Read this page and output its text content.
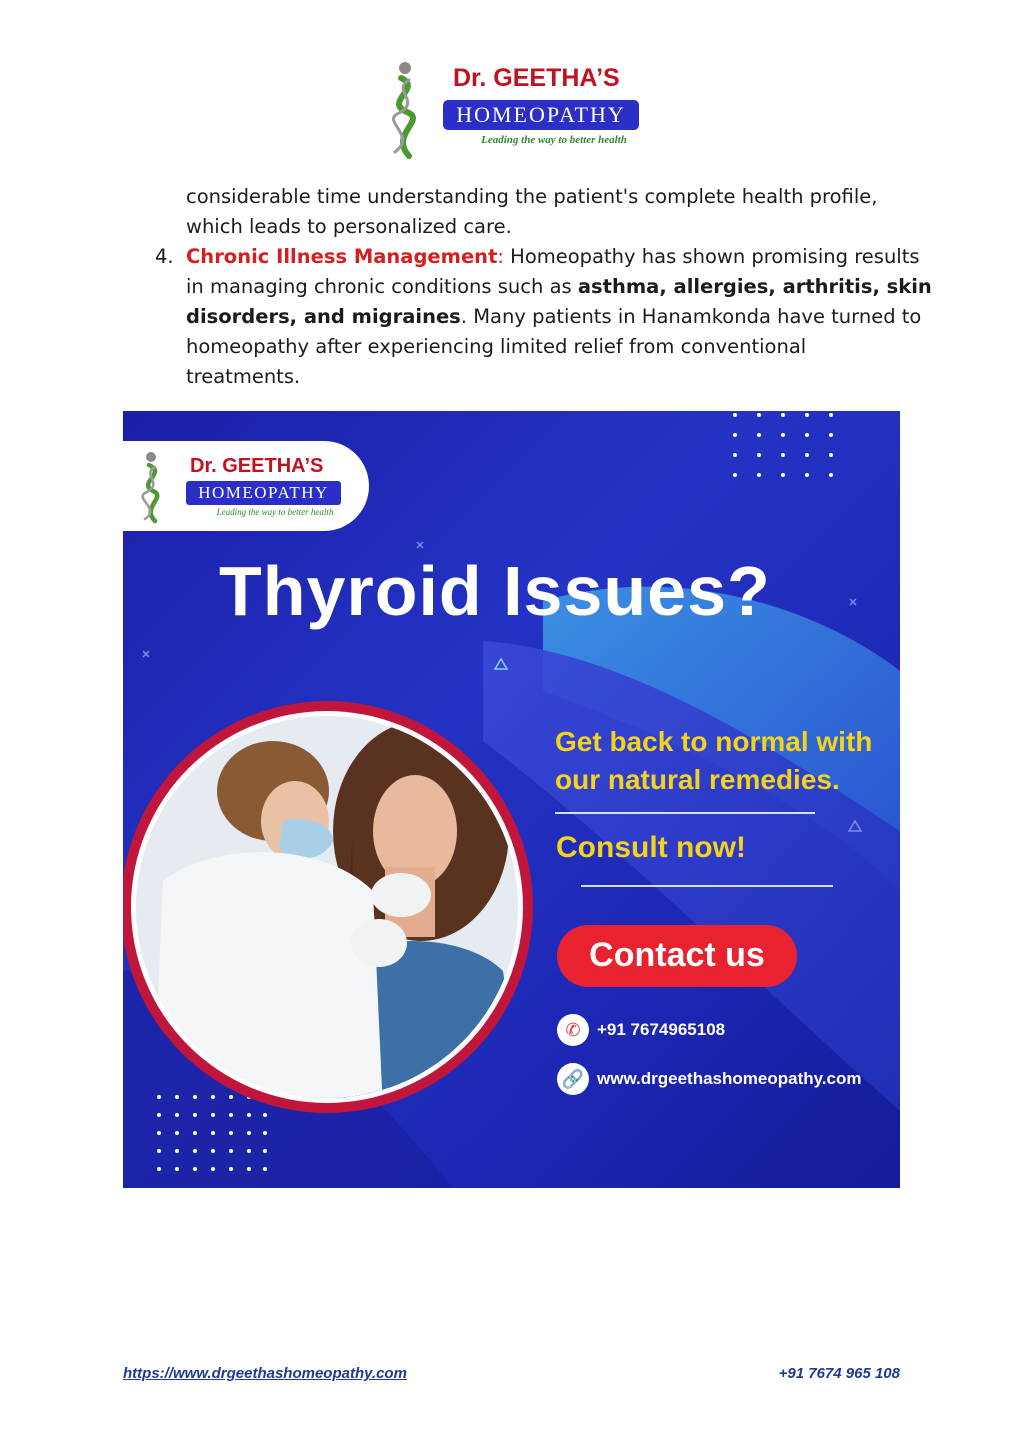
Dr. GEETHA’S
HOMEOPATHY
Leading the way to better health
considerable time understanding the patient's complete health profile,
which leads to personalized care.
4. Chronic Illness Management: Homeopathy has shown promising results
in managing chronic conditions such as asthma, allergies, arthritis, skin
disorders, and migraines. Many patients in Hanamkonda have turned to
homeopathy after experiencing limited relief from conventional
treatments.
Dr. GEETHA’S
HOMEOPATHY
Leading the way to better health
Thyroid Issues?
Get back to normal with
our natural remedies.
Consult now!
Contact us
✆ +91 7674965108
🔗 www.drgeethashomeopathy.com
https://www.drgeethashomeopathy.com	+91 7674 965 108
